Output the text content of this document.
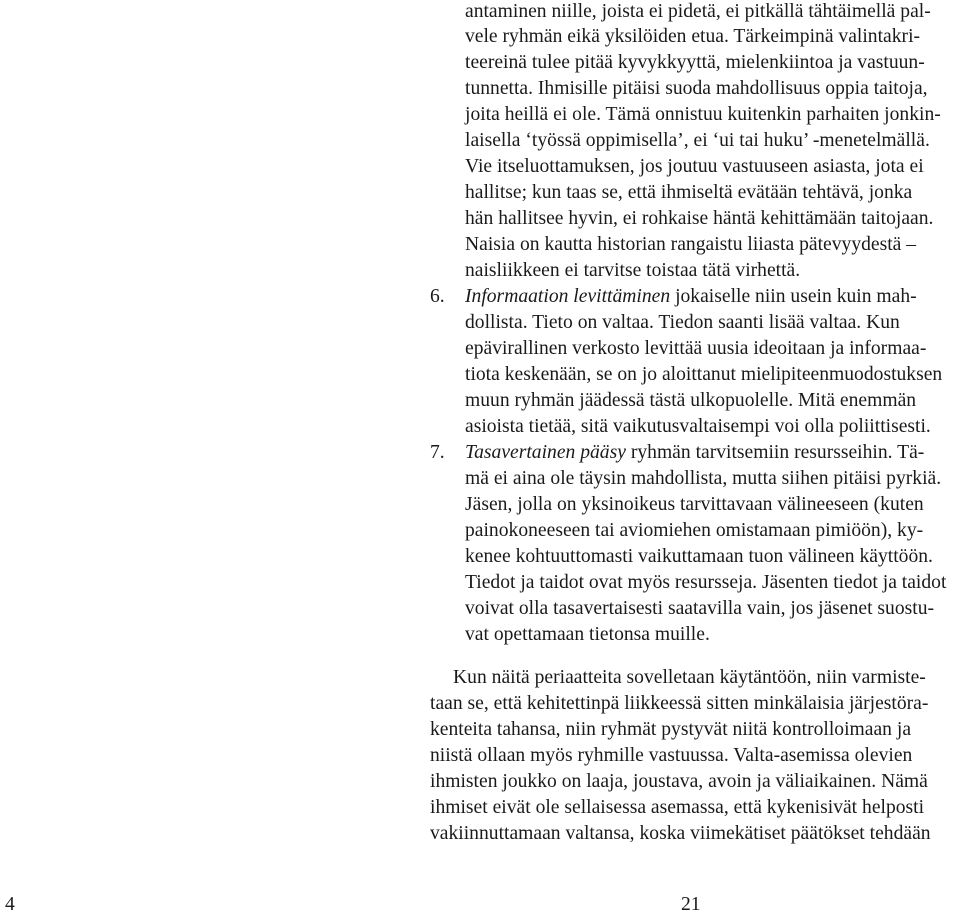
antaminen niille, joista ei pidetä, ei pitkällä tähtäimellä pal-
vele ryhmän eikä yksilöiden etua. Tärkeimpinä valintakri-
teereinä tulee pitää kyvykkyyttä, mielenkiintoa ja vastuun-
tunnetta. Ihmisille pitäisi suoda mahdollisuus oppia taitoja,
joita heillä ei ole. Tämä onnistuu kuitenkin parhaiten jonkin-
laisella ‘työssä oppimisella’, ei ‘ui tai huku’ -menetelmällä.
Vie itseluottamuksen, jos joutuu vastuuseen asiasta, jota ei
hallitse; kun taas se, että ihmiseltä evätään tehtävä, jonka
hän hallitsee hyvin, ei rohkaise häntä kehittämään taitojaan.
Naisia on kautta historian rangaistu liiasta pätevyydestä –
naisliikkeen ei tarvitse toistaa tätä virhettä.
6. Informaation levittäminen jokaiselle niin usein kuin mah-
dollista. Tieto on valtaa. Tiedon saanti lisää valtaa. Kun
epävirallinen verkosto levittää uusia ideoitaan ja informaa-
tiota keskenään, se on jo aloittanut mielipiteenmuodostuksen
muun ryhmän jäädessä tästä ulkopuolelle. Mitä enemmän
asioista tietää, sitä vaikutusvaltaisempi voi olla poliittisesti.
7. Tasavertainen pääsy ryhmän tarvitsemiin resursseihin. Tä-
mä ei aina ole täysin mahdollista, mutta siihen pitäisi pyrkiä.
Jäsen, jolla on yksinoikeus tarvittavaan välineeseen (kuten
painokoneeseen tai aviomiehen omistamaan pimiöön), ky-
kenee kohtuuttomasti vaikuttamaan tuon välineen käyttöön.
Tiedot ja taidot ovat myös resursseja. Jäsenten tiedot ja taidot
voivat olla tasavertaisesti saatavilla vain, jos jäsenet suostu-
vat opettamaan tietonsa muille.
Kun näitä periaatteita sovelletaan käytäntöön, niin varmiste-
taan se, että kehitettinpä liikkeessä sitten minkälaisia järjestöra-
kenteita tahansa, niin ryhmät pystyvät niitä kontrolloimaan ja
niistä ollaan myös ryhmille vastuussa. Valta-asemissa olevien
ihmisten joukko on laaja, joustava, avoin ja väliaikainen. Nämä
ihmiset eivät ole sellaisessa asemassa, että kykenisivät helposti
vakiinnuttamaan valtansa, koska viimekätiset päätökset tehdään
4	21
